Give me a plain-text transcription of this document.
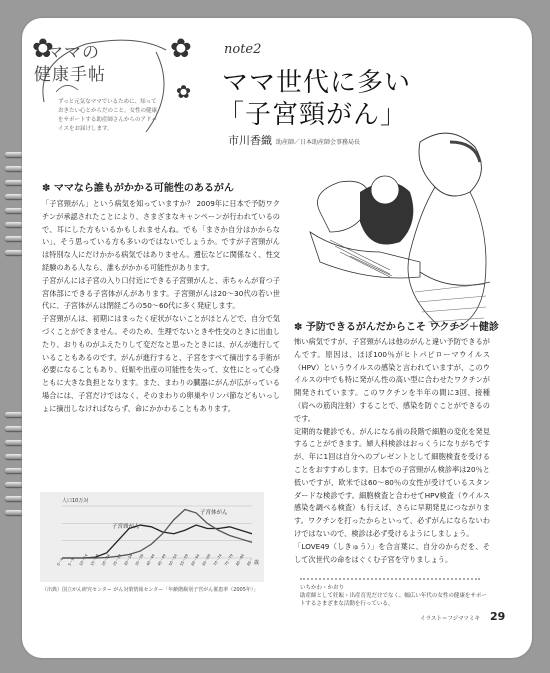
✿	✿
✿
ママの
健康手帖
ずっと元気なママでいるために、知っておきたい心とからだのこと。女性の健康をサポートする助産師さんからのアドバイスをお届けします。
note2
ママ世代に多い
「子宮頸がん」
市川香織 助産師／日本助産師会事務局長
✽ ママなら誰もがかかる可能性のあるがん

「子宮頸がん」という病気を知っていますか？ 2009年に日本で予防ワクチンが承認されたことにより、さまざまなキャンペーンが行われているので、耳にした方もいるかもしれませんね。でも「まさか自分はかからない」、そう思っている方も多いのではないでしょうか。ですが子宮頸がんは特別な人にだけかかる病気ではありません。遺伝などに関係なく、性交経験のある人なら、誰もがかかる可能性があります。

子宮がんには子宮の入り口付近にできる子宮頸がんと、赤ちゃんが育つ子宮体部にできる子宮体がんがあります。子宮頸がんは20〜30代の若い世代に、子宮体がんは閉経ごろの50〜60代に多く発症します。

子宮頸がんは、初期にはまったく症状がないことがほとんどで、自分で気づくことができません。そのため、生理でないときや性交のときに出血したり、おりものがふえたりして変だなと思ったときには、がんが進行していることもあるのです。がんが進行すると、子宮をすべて摘出する手術が必要になることもあり、妊娠や出産の可能性を失って、女性にとって心身ともに大きな負担となります。また、まわりの臓器にがんが広がっている場合には、子宮だけではなく、そのまわりの卵巣やリンパ節などもいっしょに摘出しなければならず、命にかかわることもあります。

人口10万対
0〜4 5〜9 10〜14 15〜19 20〜24 25〜29 30〜34 35〜39 40〜44 45〜49 50〜54 55〜59 60〜64 65〜69 70〜74 75〜79 80〜84 85〜 歳
子宮体がん
子宮頸がん
（出典）国立がん研究センター がん対策情報センター「年齢階級別子宮がん罹患率（2005年）」
✽ 予防できるがんだからこそ ワクチン＋健診

怖い病気ですが、子宮頸がんは他のがんと違い予防できるがんです。原因は、ほぼ100％がヒトパピローマウイルス（HPV）というウイルスの感染と言われていますが、このウイルスの中でも特に発がん性の高い型に合わせたワクチンが開発されています。このワクチンを半年の間に3回、接種（肩への筋肉注射）することで、感染を防ぐことができるのです。

定期的な健診でも、がんになる前の段階で細胞の変化を発見することができます。婦人科検診はおっくうになりがちですが、年に1回は自分へのプレゼントとして細胞検査を受けることをおすすめします。日本での子宮頸がん検診率は20％と低いですが、欧米では60〜80％の女性が受けているスタンダードな検診です。細胞検査と合わせてHPV検査（ウイルス感染を調べる検査）も行えば、さらに早期発見につながります。ワクチンを打ったからといって、必ずがんにならないわけではないので、検診は必ず受けるようにしましょう。

「LOVE49（しきゅう）」を合言葉に、自分のからだを、そして次世代の命をはぐくむ子宮を守りましょう。

いちかわ・かおり
助産師として妊娠・出産育児だけでなく、幅広い年代の女性の健康をサポートするさまざまな活動を行っている。
イラスト＝フジマツミキ 29
